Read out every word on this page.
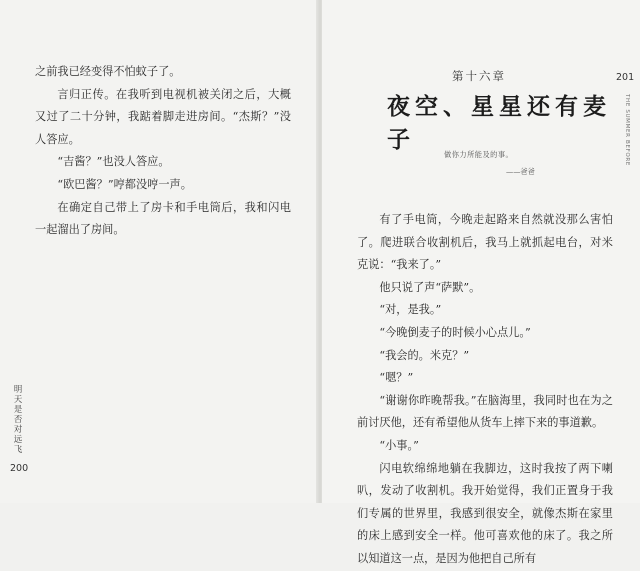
之前我已经变得不怕蚊子了。

言归正传。在我听到电视机被关闭之后，大概又过了二十分钟，我踮着脚走进房间。“杰斯？”没人答应。

“吉酱？”也没人答应。

“欧巴酱？”哼都没哼一声。

在确定自己带上了房卡和手电筒后，我和闪电一起溜出了房间。

明
天
是
否
对
远
飞
200
201
THE SUMMER BEFORE
第十六章
夜空、星星还有麦子
做你力所能及的事。
——爸爸

有了手电筒，今晚走起路来自然就没那么害怕了。爬进联合收割机后，我马上就抓起电台，对米克说：“我来了。”

他只说了声“萨默”。

“对，是我。”

“今晚倒麦子的时候小心点儿。”

“我会的。米克？”

“嗯？”

“谢谢你昨晚帮我。”在脑海里，我同时也在为之前讨厌他，还有希望他从货车上摔下来的事道歉。

“小事。”

闪电软绵绵地躺在我脚边，这时我按了两下喇叭，发动了收割机。我开始觉得，我们正置身于我们专属的世界里，我感到很安全，就像杰斯在家里的床上感到安全一样。他可喜欢他的床了。我之所以知道这一点，是因为他把自己所有
